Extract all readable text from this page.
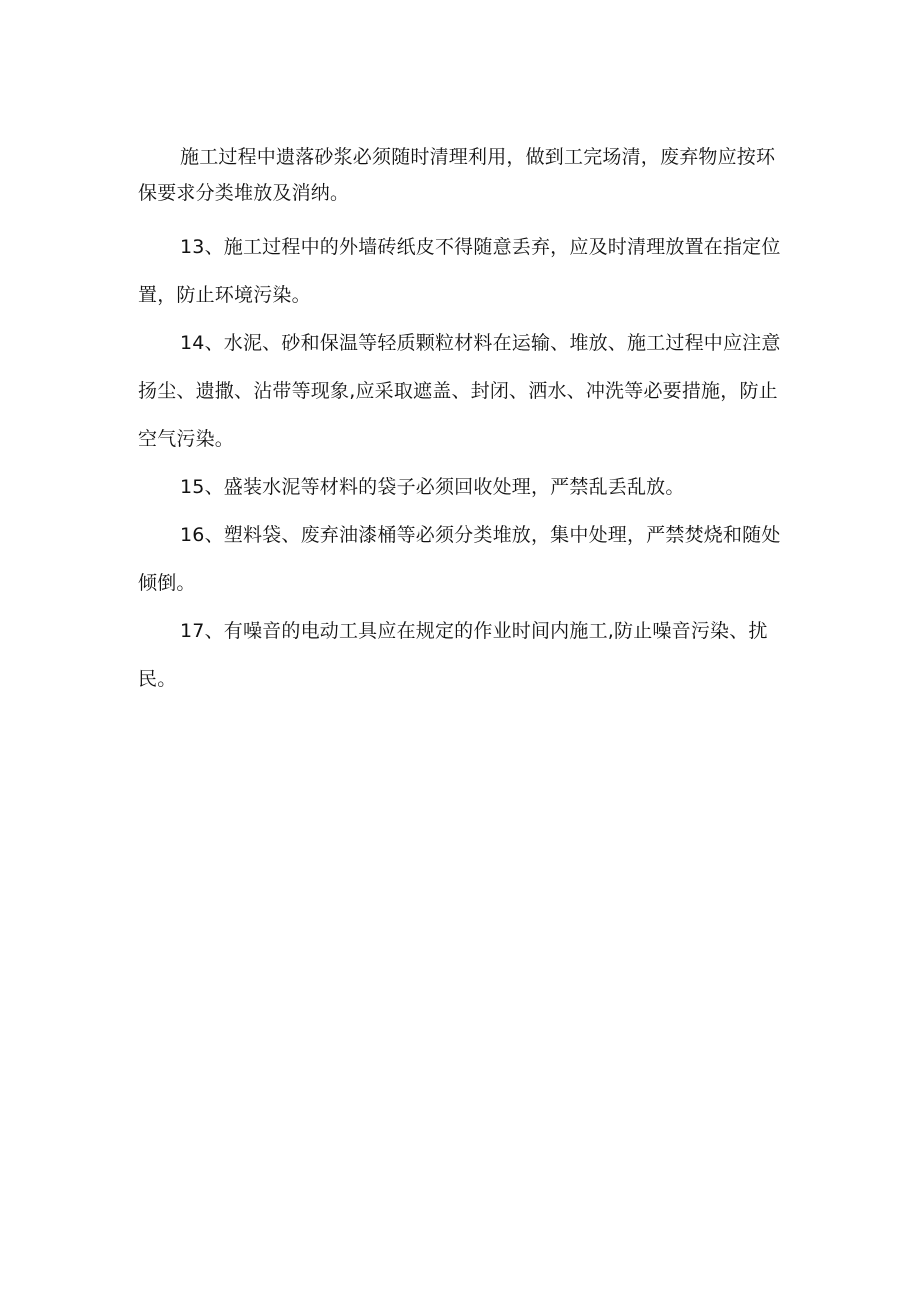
施工过程中遗落砂浆必须随时清理利用，做到工完场清，废弃物应按环保要求分类堆放及消纳。

13、施工过程中的外墙砖纸皮不得随意丢弃，应及时清理放置在指定位置，防止环境污染。

14、水泥、砂和保温等轻质颗粒材料在运输、堆放、施工过程中应注意扬尘、遗撒、沾带等现象,应采取遮盖、封闭、洒水、冲洗等必要措施，防止空气污染。

15、盛装水泥等材料的袋子必须回收处理，严禁乱丢乱放。

16、塑料袋、废弃油漆桶等必须分类堆放，集中处理，严禁焚烧和随处倾倒。

17、有噪音的电动工具应在规定的作业时间内施工,防止噪音污染、扰民。
